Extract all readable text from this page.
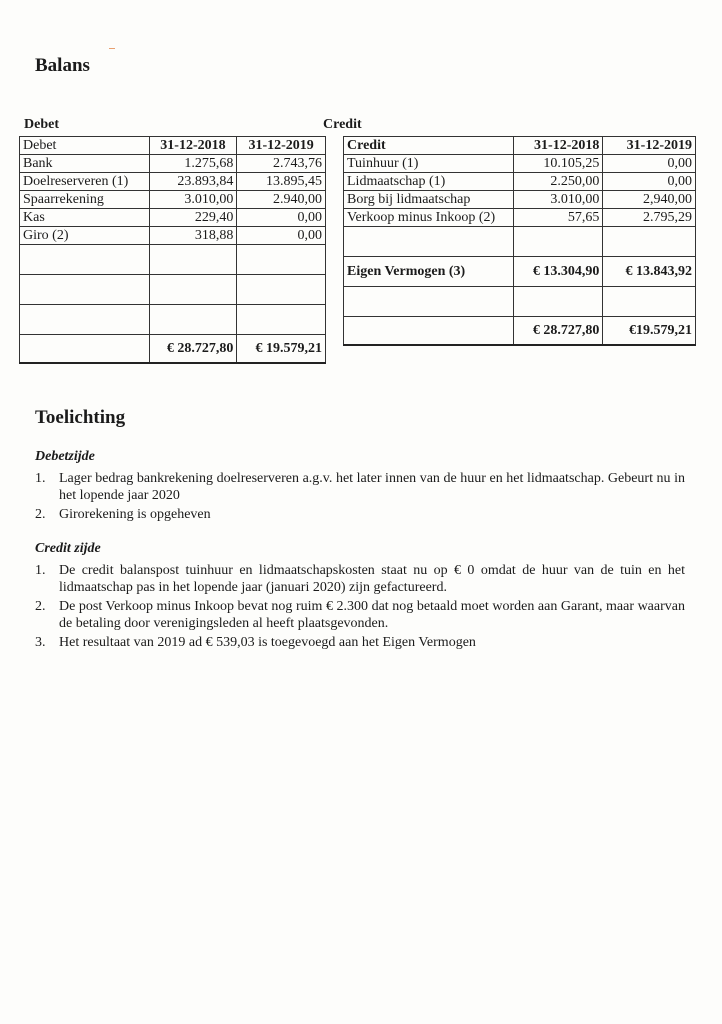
Balans
Debet	Credit
Debet	31-12-2018	31-12-2019
Bank	1.275,68	2.743,76
Doelreserveren (1)	23.893,84	13.895,45
Spaarrekening	3.010,00	2.940,00
Kas	229,40	0,00
Giro (2)	318,88	0,00

	€ 28.727,80	€ 19.579,21
Credit	31-12-2018	31-12-2019
Tuinhuur (1)	10.105,25	0,00
Lidmaatschap (1)	2.250,00	0,00
Borg bij lidmaatschap	3.010,00	2,940,00
Verkoop minus Inkoop (2)	57,65	2.795,29

Eigen Vermogen (3)	€ 13.304,90	€ 13.843,92

	€ 28.727,80	€19.579,21
Toelichting
Debetzijde
1. Lager bedrag bankrekening doelreserveren a.g.v. het later innen van de huur en het lidmaatschap. Gebeurt nu in het lopende jaar 2020
2. Girorekening is opgeheven
Credit zijde
1. De credit balanspost tuinhuur en lidmaatschapskosten staat nu op € 0 omdat de huur van de tuin en het lidmaatschap pas in het lopende jaar (januari 2020) zijn gefactureerd.
2. De post Verkoop minus Inkoop bevat nog ruim € 2.300 dat nog betaald moet worden aan Garant, maar waarvan de betaling door verenigingsleden al heeft plaatsgevonden.
3. Het resultaat van 2019 ad € 539,03 is toegevoegd aan het Eigen Vermogen
